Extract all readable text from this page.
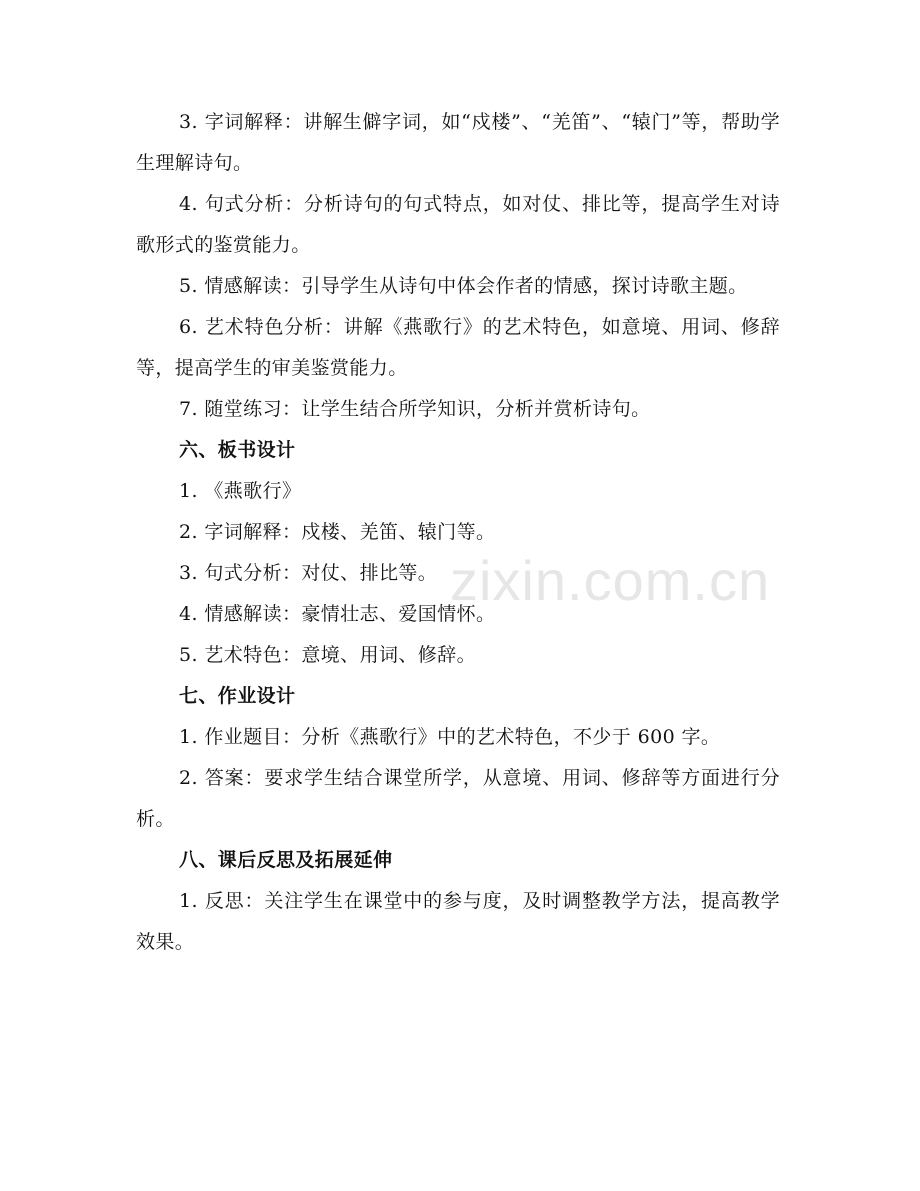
zixin.com.cn

3. 字词解释：讲解生僻字词，如“戍楼”、“羌笛”、“辕门”等，帮助学生理解诗句。

4. 句式分析：分析诗句的句式特点，如对仗、排比等，提高学生对诗歌形式的鉴赏能力。

5. 情感解读：引导学生从诗句中体会作者的情感，探讨诗歌主题。

6. 艺术特色分析：讲解《燕歌行》的艺术特色，如意境、用词、修辞等，提高学生的审美鉴赏能力。

7. 随堂练习：让学生结合所学知识，分析并赏析诗句。

六、板书设计

1. 《燕歌行》

2. 字词解释：戍楼、羌笛、辕门等。

3. 句式分析：对仗、排比等。

4. 情感解读：豪情壮志、爱国情怀。

5. 艺术特色：意境、用词、修辞。

七、作业设计

1. 作业题目：分析《燕歌行》中的艺术特色，不少于 600 字。

2. 答案：要求学生结合课堂所学，从意境、用词、修辞等方面进行分析。

八、课后反思及拓展延伸

1. 反思：关注学生在课堂中的参与度，及时调整教学方法，提高教学效果。
